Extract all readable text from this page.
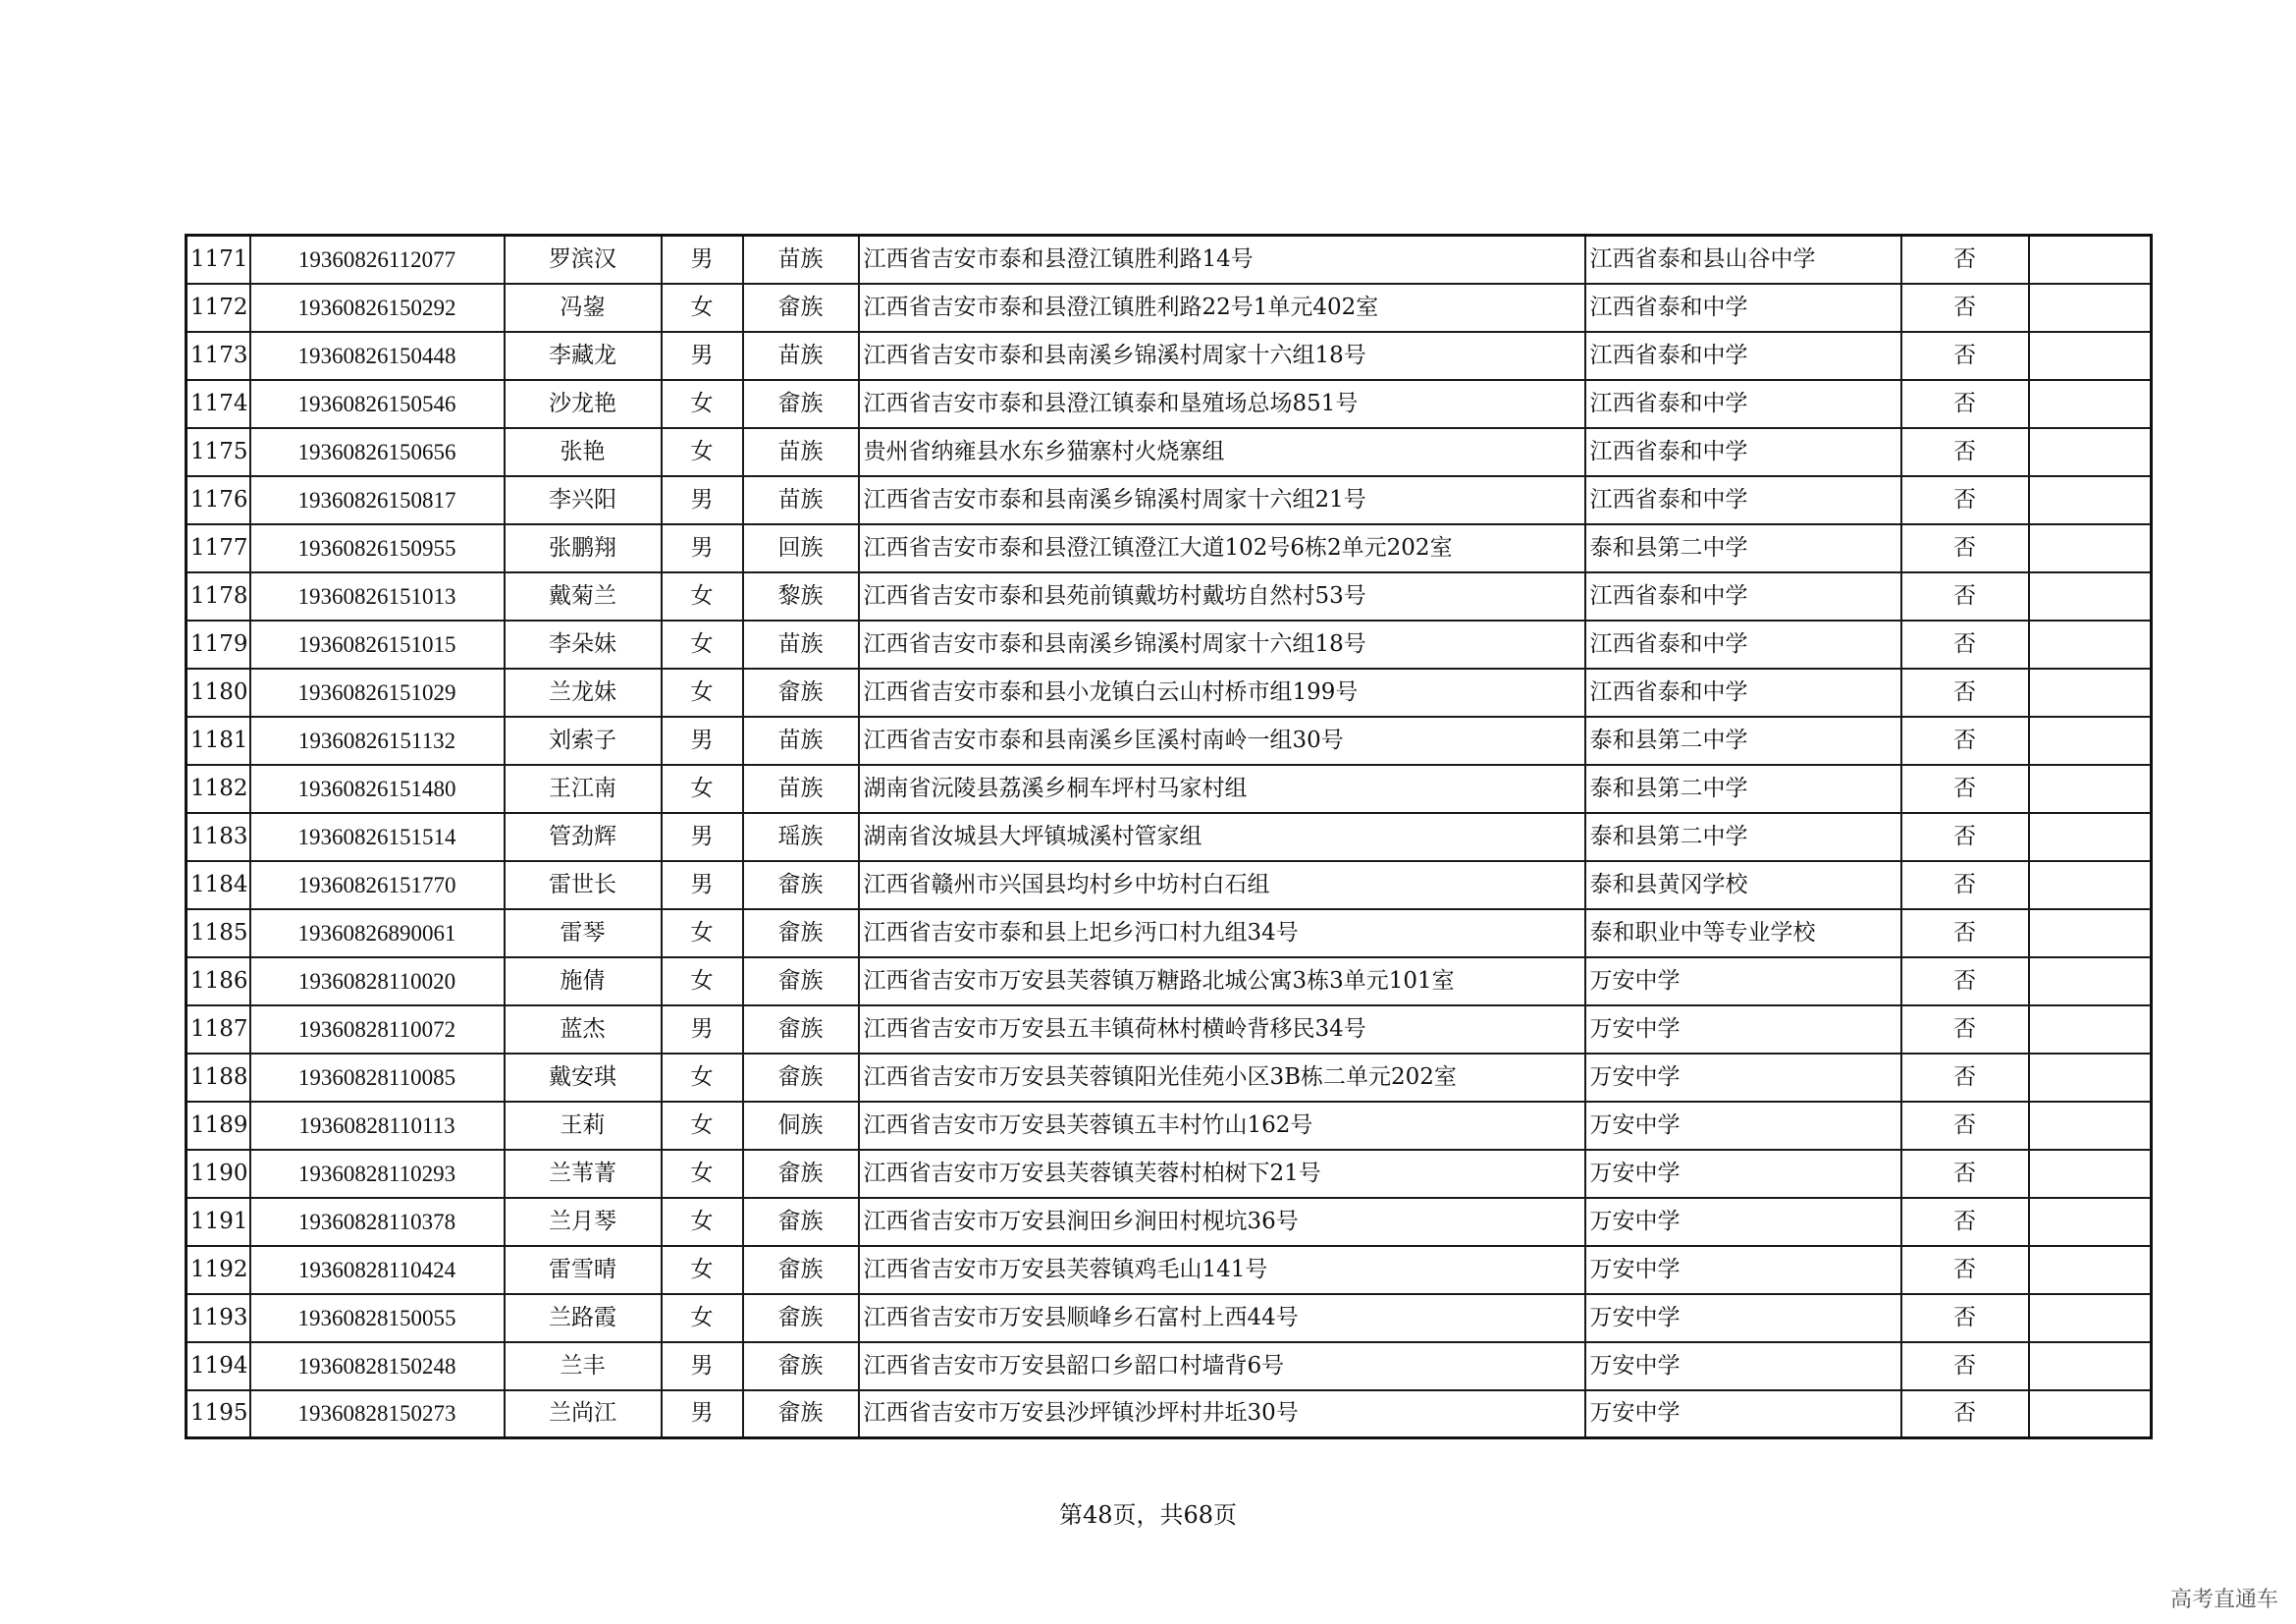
1171	19360826112077	罗滨汉	男	苗族	江西省吉安市泰和县澄江镇胜利路14号	江西省泰和县山谷中学	否	
1172	19360826150292	冯鋆	女	畲族	江西省吉安市泰和县澄江镇胜利路22号1单元402室	江西省泰和中学	否	
1173	19360826150448	李藏龙	男	苗族	江西省吉安市泰和县南溪乡锦溪村周家十六组18号	江西省泰和中学	否	
1174	19360826150546	沙龙艳	女	畲族	江西省吉安市泰和县澄江镇泰和垦殖场总场851号	江西省泰和中学	否	
1175	19360826150656	张艳	女	苗族	贵州省纳雍县水东乡猫寨村火烧寨组	江西省泰和中学	否	
1176	19360826150817	李兴阳	男	苗族	江西省吉安市泰和县南溪乡锦溪村周家十六组21号	江西省泰和中学	否	
1177	19360826150955	张鹏翔	男	回族	江西省吉安市泰和县澄江镇澄江大道102号6栋2单元202室	泰和县第二中学	否	
1178	19360826151013	戴菊兰	女	黎族	江西省吉安市泰和县苑前镇戴坊村戴坊自然村53号	江西省泰和中学	否	
1179	19360826151015	李朵妹	女	苗族	江西省吉安市泰和县南溪乡锦溪村周家十六组18号	江西省泰和中学	否	
1180	19360826151029	兰龙妹	女	畲族	江西省吉安市泰和县小龙镇白云山村桥市组199号	江西省泰和中学	否	
1181	19360826151132	刘索子	男	苗族	江西省吉安市泰和县南溪乡匡溪村南岭一组30号	泰和县第二中学	否	
1182	19360826151480	王江南	女	苗族	湖南省沅陵县荔溪乡桐车坪村马家村组	泰和县第二中学	否	
1183	19360826151514	管劲辉	男	瑶族	湖南省汝城县大坪镇城溪村管家组	泰和县第二中学	否	
1184	19360826151770	雷世长	男	畲族	江西省赣州市兴国县均村乡中坊村白石组	泰和县黄冈学校	否	
1185	19360826890061	雷琴	女	畲族	江西省吉安市泰和县上圯乡沔口村九组34号	泰和职业中等专业学校	否	
1186	19360828110020	施倩	女	畲族	江西省吉安市万安县芙蓉镇万糖路北城公寓3栋3单元101室	万安中学	否	
1187	19360828110072	蓝杰	男	畲族	江西省吉安市万安县五丰镇荷林村横岭背移民34号	万安中学	否	
1188	19360828110085	戴安琪	女	畲族	江西省吉安市万安县芙蓉镇阳光佳苑小区3B栋二单元202室	万安中学	否	
1189	19360828110113	王莉	女	侗族	江西省吉安市万安县芙蓉镇五丰村竹山162号	万安中学	否	
1190	19360828110293	兰苇菁	女	畲族	江西省吉安市万安县芙蓉镇芙蓉村柏树下21号	万安中学	否	
1191	19360828110378	兰月琴	女	畲族	江西省吉安市万安县涧田乡涧田村枧坑36号	万安中学	否	
1192	19360828110424	雷雪晴	女	畲族	江西省吉安市万安县芙蓉镇鸡毛山141号	万安中学	否	
1193	19360828150055	兰路霞	女	畲族	江西省吉安市万安县顺峰乡石富村上西44号	万安中学	否	
1194	19360828150248	兰丰	男	畲族	江西省吉安市万安县韶口乡韶口村墙背6号	万安中学	否	
1195	19360828150273	兰尚江	男	畲族	江西省吉安市万安县沙坪镇沙坪村井坵30号	万安中学	否	
第48页，共68页
高考直通车
